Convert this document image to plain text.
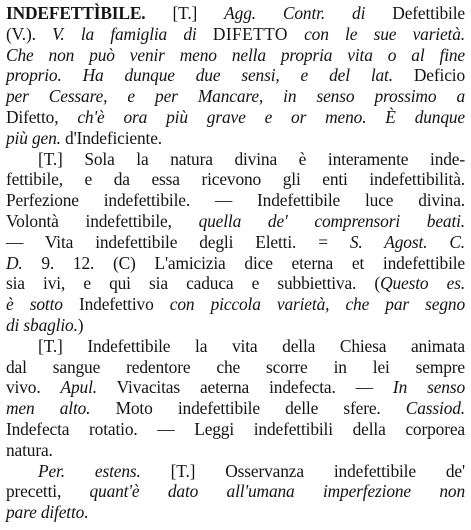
INDEFETTÌBILE. [T.] Agg. Contr. di Defettibile
(V.). V. la famiglia di DIFETTO con le sue varietà.
Che non può venir meno nella propria vita o al fine
proprio. Ha dunque due sensi, e del lat. Deficio
per Cessare, e per Mancare, in senso prossimo a
Difetto, ch'è ora più grave e or meno. È dunque
più gen. d'Indeficiente.
[T.] Sola la natura divina è interamente inde-
fettibile, e da essa ricevono gli enti indefettibilità.
Perfezione indefettibile. — Indefettibile luce divina.
Volontà indefettibile, quella de' comprensori beati.
— Vita indefettibile degli Eletti. = S. Agost. C.
D. 9. 12. (C) L'amicizia dice eterna et indefettibile
sia ivi, e qui sia caduca e subbiettiva. (Questo es.
è sotto Indefettivo con piccola varietà, che par segno
di sbaglio.)
[T.] Indefettibile la vita della Chiesa animata
dal sangue redentore che scorre in lei sempre
vivo. Apul. Vivacitas aeterna indefecta. — In senso
men alto. Moto indefettibile delle sfere. Cassiod.
Indefecta rotatio. — Leggi indefettibili della corporea
natura.
Per. estens. [T.] Osservanza indefettibile de'
precetti, quant'è dato all'umana imperfezione non
pare difetto.
